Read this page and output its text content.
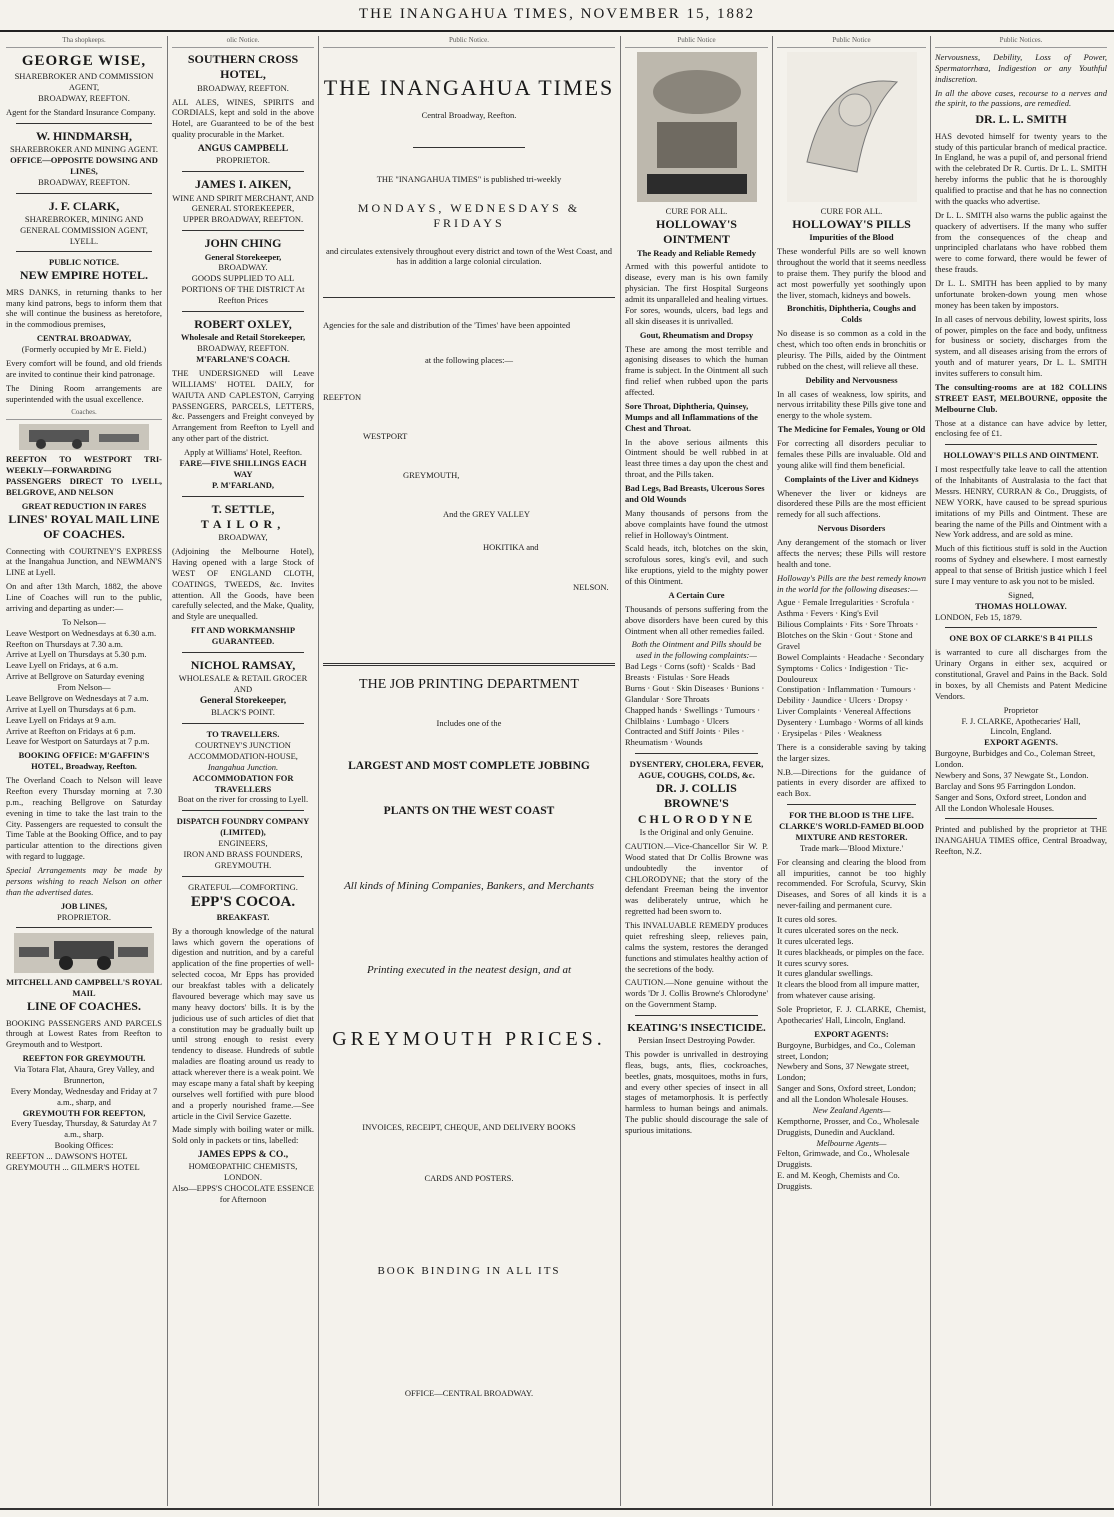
THE INANGAHUA TIMES, NOVEMBER 15, 1882
Tha shopkeeps.
GEORGE WISE,
SHAREBROKER AND COMMISSION AGENT,
BROADWAY, REEFTON.

Agent for the Standard Insurance Company.

W. HINDMARSH,
SHAREBROKER AND MINING AGENT.
OFFICE—OPPOSITE DOWSING AND LINES,
BROADWAY, REEFTON.
J. F. CLARK,
SHAREBROKER, MINING AND GENERAL COMMISSION AGENT,
LYELL.
PUBLIC NOTICE.
NEW EMPIRE HOTEL.

MRS DANKS, in returning thanks to her many kind patrons, begs to inform them that she will continue the business as heretofore, in the commodious premises,

CENTRAL BROADWAY,
(Formerly occupied by Mr E. Field.)

Every comfort will be found, and old friends are invited to continue their kind patronage.

The Dining Room arrangements are superintended with the usual excellence.

Coaches.

REEFTON TO WESTPORT TRI-WEEKLY—FORWARDING PASSENGERS DIRECT TO LYELL, BELGROVE, AND NELSON

GREAT REDUCTION IN FARES
LINES' ROYAL MAIL LINE OF COACHES.

Connecting with COURTNEY'S EXPRESS at the Inangahua Junction, and NEWMAN'S LINE at Lyell.

On and after 13th March, 1882, the above Line of Coaches will run to the public, arriving and departing as under:—

To Nelson—
Leave Westport on Wednesdays at 6.30 a.m.
Reefton on Thursdays at 7.30 a.m.
Arrive at Lyell on Thursdays at 5.30 p.m.
Leave Lyell on Fridays, at 6 a.m.
Arrive at Bellgrove on Saturday evening
From Nelson—
Leave Bellgrove on Wednesdays at 7 a.m.
Arrive at Lyell on Thursdays at 6 p.m.
Leave Lyell on Fridays at 9 a.m.
Arrive at Reefton on Fridays at 6 p.m.
Leave for Westport on Saturdays at 7 p.m.

BOOKING OFFICE: M'GAFFIN'S HOTEL, Broadway, Reefton.

The Overland Coach to Nelson will leave Reefton every Thursday morning at 7.30 p.m., reaching Bellgrove on Saturday evening in time to take the last train to the City. Passengers are requested to consult the Time Table at the Booking Office, and to pay particular attention to the directions given with regard to luggage.

Special Arrangements may be made by persons wishing to reach Nelson on other than the advertised dates.

JOB LINES,
PROPRIETOR.
MITCHELL AND CAMPBELL'S ROYAL MAIL
LINE OF COACHES.

BOOKING PASSENGERS AND PARCELS through at Lowest Rates from Reefton to Greymouth and to Westport.

REEFTON FOR GREYMOUTH.
Via Totara Flat, Ahaura, Grey Valley, and Brunnerton,
Every Monday, Wednesday and Friday at 7 a.m., sharp, and
GREYMOUTH FOR REEFTON,
Every Tuesday, Thursday, & Saturday At 7 a.m., sharp.
Booking Offices:
REEFTON ... DAWSON'S HOTEL
GREYMOUTH ... GILMER'S HOTEL
olic Notice.
SOUTHERN CROSS HOTEL,
BROADWAY, REEFTON.

ALL ALES, WINES, SPIRITS and CORDIALS, kept and sold in the above Hotel, are Guaranteed to be of the best quality procurable in the Market.

ANGUS CAMPBELL
PROPRIETOR.
JAMES I. AIKEN,
WINE AND SPIRIT MERCHANT, AND GENERAL STOREKEEPER,
UPPER BROADWAY, REEFTON.
JOHN CHING
General Storekeeper,
BROADWAY.
GOODS SUPPLIED TO ALL PORTIONS OF THE DISTRICT At Reefton Prices
ROBERT OXLEY,
Wholesale and Retail Storekeeper,
BROADWAY, REEFTON.
M'FARLANE'S COACH.

THE UNDERSIGNED will Leave WILLIAMS' HOTEL DAILY, for WAIUTA AND CAPLESTON, Carrying PASSENGERS, PARCELS, LETTERS, &c. Passengers and Freight conveyed by Arrangement from Reefton to Lyell and any other part of the district.

Apply at Williams' Hotel, Reefton.
FARE—FIVE SHILLINGS EACH WAY
P. M'FARLAND,
T. SETTLE,
TAILOR,
BROADWAY,

(Adjoining the Melbourne Hotel), Having opened with a large Stock of WEST OF ENGLAND CLOTH, COATINGS, TWEEDS, &c. Invites attention. All the Goods, have been carefully selected, and the Make, Quality, and Style are unequalled.

FIT AND WORKMANSHIP GUARANTEED.
NICHOL RAMSAY,
WHOLESALE & RETAIL GROCER
AND
General Storekeeper,
BLACK'S POINT.
TO TRAVELLERS.
COURTNEY'S JUNCTION ACCOMMODATION-HOUSE,
Inangahua Junction.
ACCOMMODATION FOR TRAVELLERS
Boat on the river for crossing to Lyell.
DISPATCH FOUNDRY COMPANY (LIMITED),
ENGINEERS,
IRON AND BRASS FOUNDERS,
GREYMOUTH.
GRATEFUL—COMFORTING.
EPP'S COCOA.
BREAKFAST.

By a thorough knowledge of the natural laws which govern the operations of digestion and nutrition, and by a careful application of the fine properties of well-selected cocoa, Mr Epps has provided our breakfast tables with a delicately flavoured beverage which may save us many heavy doctors' bills. It is by the judicious use of such articles of diet that a constitution may be gradually built up until strong enough to resist every tendency to disease. Hundreds of subtle maladies are floating around us ready to attack wherever there is a weak point. We may escape many a fatal shaft by keeping ourselves well fortified with pure blood and a properly nourished frame.—See article in the Civil Service Gazette.

Made simply with boiling water or milk. Sold only in packets or tins, labelled:

JAMES EPPS & CO.,
HOMŒOPATHIC CHEMISTS,
LONDON.
Also—EPPS'S CHOCOLATE ESSENCE for Afternoon
Public Notice.
THE INANGAHUA TIMES
Central Broadway, Reefton.
THE "INANGAHUA TIMES" is published tri-weekly
MONDAYS, WEDNESDAYS & FRIDAYS

and circulates extensively throughout every district and town of the West Coast, and has in addition a large colonial circulation.

Agencies for the sale and distribution of the 'Times' have been appointed

at the following places:—
REEFTON
WESTPORT
GREYMOUTH,
And the GREY VALLEY
HOKITIKA and
NELSON.
THE JOB PRINTING DEPARTMENT
Includes one of the
LARGEST AND MOST COMPLETE JOBBING
PLANTS ON THE WEST COAST
All kinds of Mining Companies, Bankers, and Merchants
Printing executed in the neatest design, and at
GREYMOUTH PRICES.
INVOICES, RECEIPT, CHEQUE, AND DELIVERY BOOKS
CARDS AND POSTERS.
BOOK BINDING IN ALL ITS
OFFICE—CENTRAL BROADWAY.
Public Notice
CURE FOR ALL.
HOLLOWAY'S OINTMENT
The Ready and Reliable Remedy

Armed with this powerful antidote to disease, every man is his own family physician. The first Hospital Surgeons admit its unparalleled and healing virtues. For sores, wounds, ulcers, bad legs and all skin diseases it is unrivalled.

Gout, Rheumatism and Dropsy

These are among the most terrible and agonising diseases to which the human frame is subject. In the Ointment all such find relief when rubbed upon the parts affected.

Sore Throat, Diphtheria, Quinsey, Mumps and all Inflammations of the Chest and Throat.

In the above serious ailments this Ointment should be well rubbed in at least three times a day upon the chest and throat, and the Pills taken.

Bad Legs, Bad Breasts, Ulcerous Sores and Old Wounds

Many thousands of persons from the above complaints have found the utmost relief in Holloway's Ointment.

Scald heads, itch, blotches on the skin, scrofulous sores, king's evil, and such like eruptions, yield to the mighty power of this Ointment.

A Certain Cure

Thousands of persons suffering from the above disorders have been cured by this Ointment when all other remedies failed.

Both the Ointment and Pills should be used in the following complaints:—
Bad Legs · Corns (soft) · Scalds · Bad Breasts · Fistulas · Sore Heads
Burns · Gout · Skin Diseases · Bunions · Glandular · Sore Throats
Chapped hands · Swellings · Tumours · Chilblains · Lumbago · Ulcers
Contracted and Stiff Joints · Piles · Rheumatism · Wounds
DYSENTERY, CHOLERA, FEVER, AGUE, COUGHS, COLDS, &c.
DR. J. COLLIS BROWNE'S
CHLORODYNE
Is the Original and only Genuine.

CAUTION.—Vice-Chancellor Sir W. P. Wood stated that Dr Collis Browne was undoubtedly the inventor of CHLORODYNE; that the story of the defendant Freeman being the inventor was deliberately untrue, which he regretted had been sworn to.

This INVALUABLE REMEDY produces quiet refreshing sleep, relieves pain, calms the system, restores the deranged functions and stimulates healthy action of the secretions of the body.

CAUTION.—None genuine without the words 'Dr J. Collis Browne's Chlorodyne' on the Government Stamp.

KEATING'S INSECTICIDE.
Persian Insect Destroying Powder.

This powder is unrivalled in destroying fleas, bugs, ants, flies, cockroaches, beetles, gnats, mosquitoes, moths in furs, and every other species of insect in all stages of metamorphosis. It is perfectly harmless to human beings and animals. The public should discourage the sale of spurious imitations.

Public Notice
CURE FOR ALL.
HOLLOWAY'S PILLS
Impurities of the Blood

These wonderful Pills are so well known throughout the world that it seems needless to praise them. They purify the blood and act most powerfully yet soothingly upon the liver, stomach, kidneys and bowels.

Bronchitis, Diphtheria, Coughs and Colds

No disease is so common as a cold in the chest, which too often ends in bronchitis or pleurisy. The Pills, aided by the Ointment rubbed on the chest, will relieve all these.

Debility and Nervousness

In all cases of weakness, low spirits, and nervous irritability these Pills give tone and energy to the whole system.

The Medicine for Females, Young or Old

For correcting all disorders peculiar to females these Pills are invaluable. Old and young alike will find them beneficial.

Complaints of the Liver and Kidneys

Whenever the liver or kidneys are disordered these Pills are the most efficient remedy for all such affections.

Nervous Disorders

Any derangement of the stomach or liver affects the nerves; these Pills will restore health and tone.

Holloway's Pills are the best remedy known in the world for the following diseases:—

Ague · Female Irregularities · Scrofula · Asthma · Fevers · King's Evil
Bilious Complaints · Fits · Sore Throats · Blotches on the Skin · Gout · Stone and Gravel
Bowel Complaints · Headache · Secondary Symptoms · Colics · Indigestion · Tic-Douloureux
Constipation · Inflammation · Tumours · Debility · Jaundice · Ulcers · Dropsy · Liver Complaints · Venereal Affections
Dysentery · Lumbago · Worms of all kinds · Erysipelas · Piles · Weakness

There is a considerable saving by taking the larger sizes.

N.B.—Directions for the guidance of patients in every disorder are affixed to each Box.

FOR THE BLOOD IS THE LIFE.
CLARKE'S WORLD-FAMED BLOOD MIXTURE AND RESTORER.
Trade mark—'Blood Mixture.'

For cleansing and clearing the blood from all impurities, cannot be too highly recommended. For Scrofula, Scurvy, Skin Diseases, and Sores of all kinds it is a never-failing and permanent cure.

It cures old sores.
It cures ulcerated sores on the neck.
It cures ulcerated legs.
It cures blackheads, or pimples on the face.
It cures scurvy sores.
It cures glandular swellings.
It clears the blood from all impure matter, from whatever cause arising.

Sole Proprietor, F. J. CLARKE, Chemist, Apothecaries' Hall, Lincoln, England.

EXPORT AGENTS:
Burgoyne, Burbidges, and Co., Coleman street, London;
Newbery and Sons, 37 Newgate street, London;
Sanger and Sons, Oxford street, London; and all the London Wholesale Houses.
New Zealand Agents—
Kempthorne, Prosser, and Co., Wholesale Druggists, Dunedin and Auckland.
Melbourne Agents—
Felton, Grimwade, and Co., Wholesale Druggists.
E. and M. Keogh, Chemists and Co. Druggists.
Public Notices.

Nervousness, Debility, Loss of Power, Spermatorrhœa, Indigestion or any Youthful indiscretion.

In all the above cases, recourse to a nerves and the spirit, to the passions, are remedied.

DR. L. L. SMITH

HAS devoted himself for twenty years to the study of this particular branch of medical practice. In England, he was a pupil of, and personal friend with the celebrated Dr R. Curtis. Dr L. L. SMITH hereby informs the public that he is thoroughly qualified to practise and that he has no connection with the quacks who advertise.

Dr L. L. SMITH also warns the public against the quackery of advertisers. If the many who suffer from the consequences of the cheap and unprincipled charlatans who have robbed them were to come forward, there would be fewer of these frauds.

Dr L. L. SMITH has been applied to by many unfortunate broken-down young men whose money has been taken by impostors.

In all cases of nervous debility, lowest spirits, loss of power, pimples on the face and body, unfitness for business or society, discharges from the system, and all diseases arising from the errors of youth and of maturer years, Dr L. L. SMITH invites sufferers to consult him.

The consulting-rooms are at 182 COLLINS STREET EAST, MELBOURNE, opposite the Melbourne Club.

Those at a distance can have advice by letter, enclosing fee of £1.

HOLLOWAY'S PILLS AND OINTMENT.

I most respectfully take leave to call the attention of the Inhabitants of Australasia to the fact that Messrs. HENRY, CURRAN & Co., Druggists, of NEW YORK, have caused to be spread spurious imitations of my Pills and Ointment. These are bearing the name of the Pills and Ointment with a New York address, and are sold as mine.

Much of this fictitious stuff is sold in the Auction rooms of Sydney and elsewhere. I most earnestly appeal to that sense of British justice which I feel sure I may venture to ask you not to be misled.

Signed,
THOMAS HOLLOWAY.
LONDON, Feb 15, 1879.
ONE BOX OF CLARKE'S B 41 PILLS

is warranted to cure all discharges from the Urinary Organs in either sex, acquired or constitutional, Gravel and Pains in the Back. Sold in boxes, by all Chemists and Patent Medicine Vendors.

Proprietor
F. J. CLARKE, Apothecaries' Hall,
Lincoln, England.
EXPORT AGENTS.
Burgoyne, Burbidges and Co., Coleman Street, London.
Newbery and Sons, 37 Newgate St., London.
Barclay and Sons 95 Farringdon London.
Sanger and Sons, Oxford street, London and
All the London Wholesale Houses.

Printed and published by the proprietor at THE INANGAHUA TIMES office, Central Broadway, Reefton, N.Z.
